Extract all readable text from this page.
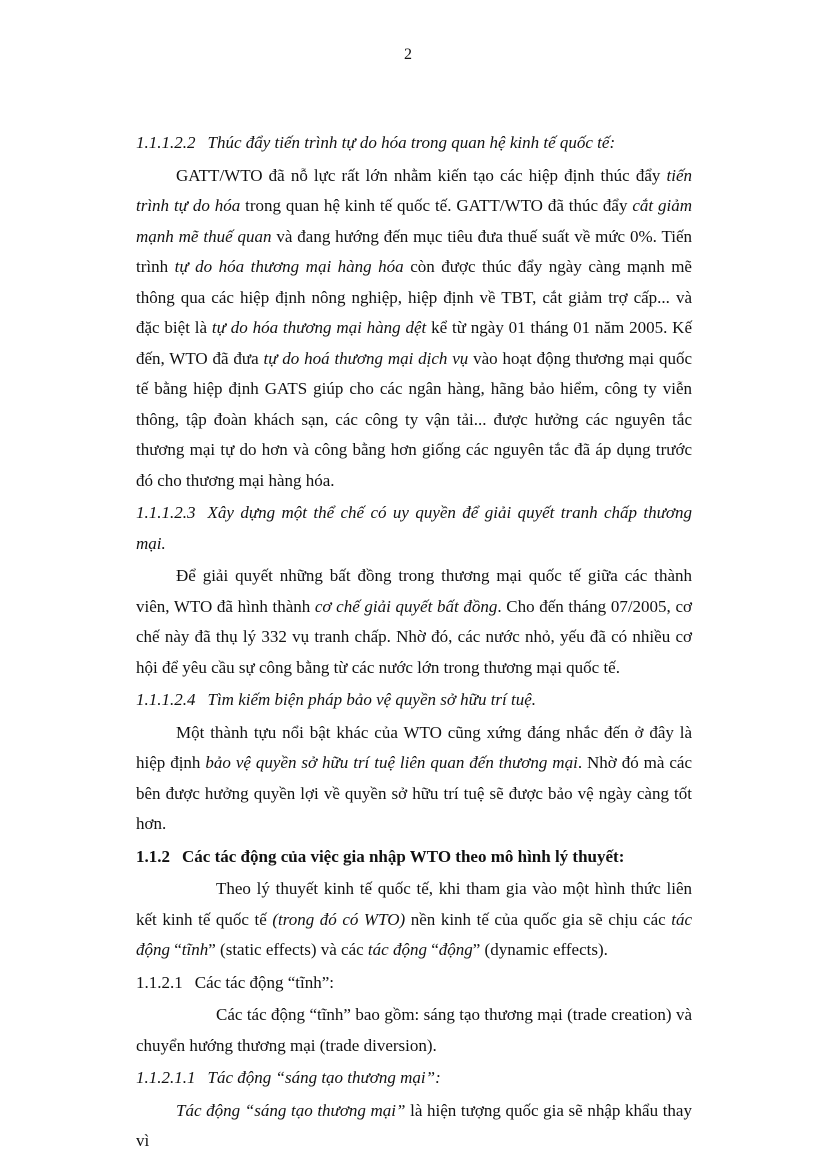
2

1.1.1.2.2 Thúc đẩy tiến trình tự do hóa trong quan hệ kinh tế quốc tế:

GATT/WTO đã nỗ lực rất lớn nhằm kiến tạo các hiệp định thúc đẩy tiến trình tự do hóa trong quan hệ kinh tế quốc tế. GATT/WTO đã thúc đẩy cắt giảm mạnh mẽ thuế quan và đang hướng đến mục tiêu đưa thuế suất về mức 0%. Tiến trình tự do hóa thương mại hàng hóa còn được thúc đẩy ngày càng mạnh mẽ thông qua các hiệp định nông nghiệp, hiệp định về TBT, cắt giảm trợ cấp... và đặc biệt là tự do hóa thương mại hàng dệt kể từ ngày 01 tháng 01 năm 2005. Kế đến, WTO đã đưa tự do hoá thương mại dịch vụ vào hoạt động thương mại quốc tế bằng hiệp định GATS giúp cho các ngân hàng, hãng bảo hiểm, công ty viễn thông, tập đoàn khách sạn, các công ty vận tải... được hưởng các nguyên tắc thương mại tự do hơn và công bằng hơn giống các nguyên tắc đã áp dụng trước đó cho thương mại hàng hóa.

1.1.1.2.3 Xây dựng một thể chế có uy quyền để giải quyết tranh chấp thương mại.

Để giải quyết những bất đồng trong thương mại quốc tế giữa các thành viên, WTO đã hình thành cơ chế giải quyết bất đồng. Cho đến tháng 07/2005, cơ chế này đã thụ lý 332 vụ tranh chấp. Nhờ đó, các nước nhỏ, yếu đã có nhiều cơ hội để yêu cầu sự công bằng từ các nước lớn trong thương mại quốc tế.

1.1.1.2.4 Tìm kiếm biện pháp bảo vệ quyền sở hữu trí tuệ.

Một thành tựu nổi bật khác của WTO cũng xứng đáng nhắc đến ở đây là hiệp định bảo vệ quyền sở hữu trí tuệ liên quan đến thương mại. Nhờ đó mà các bên được hưởng quyền lợi về quyền sở hữu trí tuệ sẽ được bảo vệ ngày càng tốt hơn.

1.1.2 Các tác động của việc gia nhập WTO theo mô hình lý thuyết:

Theo lý thuyết kinh tế quốc tế, khi tham gia vào một hình thức liên kết kinh tế quốc tế (trong đó có WTO) nền kinh tế của quốc gia sẽ chịu các tác động “tĩnh” (static effects) và các tác động “động” (dynamic effects).

1.1.2.1 Các tác động “tĩnh”:

Các tác động “tĩnh” bao gồm: sáng tạo thương mại (trade creation) và chuyển hướng thương mại (trade diversion).

1.1.2.1.1 Tác động “sáng tạo thương mại”:

Tác động “sáng tạo thương mại” là hiện tượng quốc gia sẽ nhập khẩu thay vì
